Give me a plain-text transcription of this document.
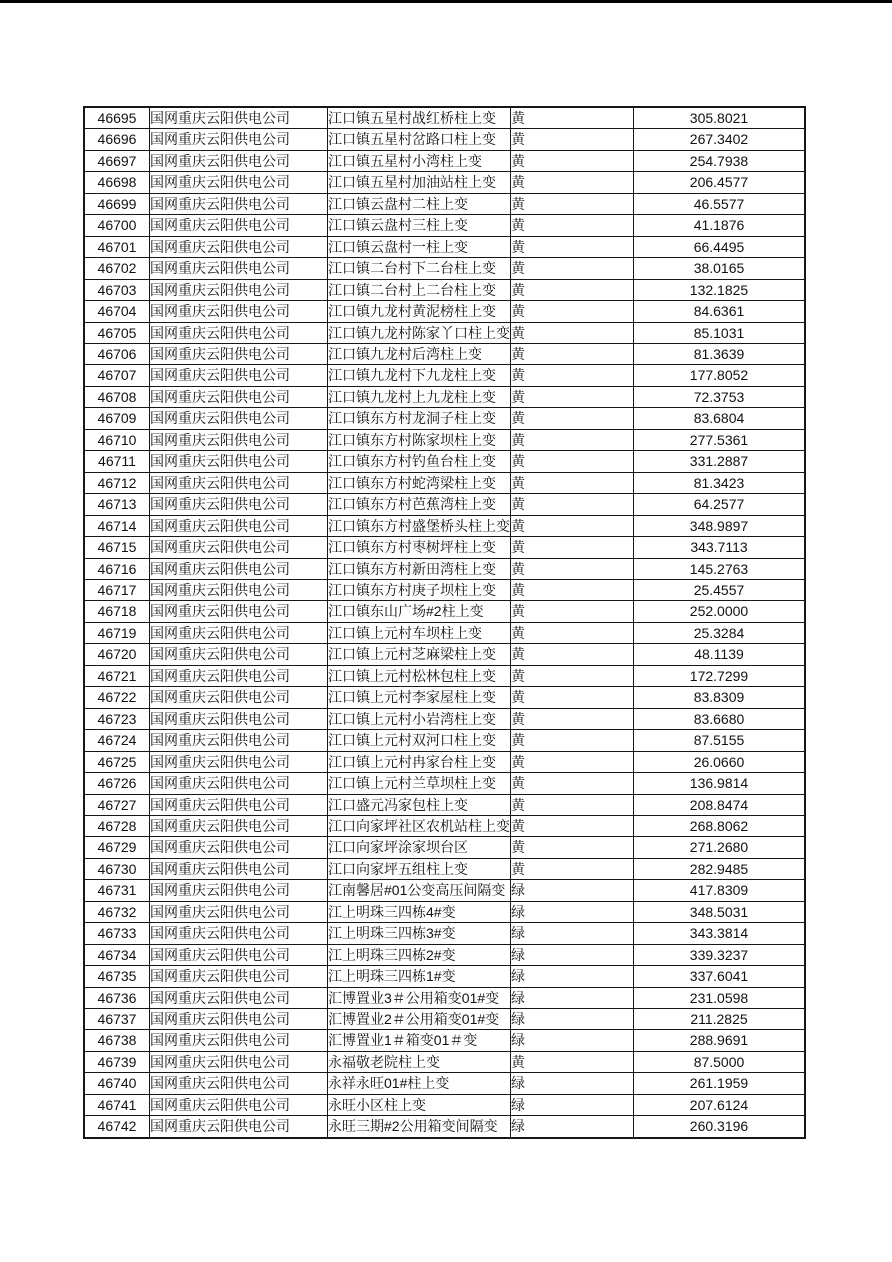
46695	国网重庆云阳供电公司	江口镇五星村战红桥柱上变	黄	305.8021
46696	国网重庆云阳供电公司	江口镇五星村岔路口柱上变	黄	267.3402
46697	国网重庆云阳供电公司	江口镇五星村小湾柱上变	黄	254.7938
46698	国网重庆云阳供电公司	江口镇五星村加油站柱上变	黄	206.4577
46699	国网重庆云阳供电公司	江口镇云盘村二柱上变	黄	46.5577
46700	国网重庆云阳供电公司	江口镇云盘村三柱上变	黄	41.1876
46701	国网重庆云阳供电公司	江口镇云盘村一柱上变	黄	66.4495
46702	国网重庆云阳供电公司	江口镇二台村下二台柱上变	黄	38.0165
46703	国网重庆云阳供电公司	江口镇二台村上二台柱上变	黄	132.1825
46704	国网重庆云阳供电公司	江口镇九龙村黄泥榜柱上变	黄	84.6361
46705	国网重庆云阳供电公司	江口镇九龙村陈家丫口柱上变	黄	85.1031
46706	国网重庆云阳供电公司	江口镇九龙村后湾柱上变	黄	81.3639
46707	国网重庆云阳供电公司	江口镇九龙村下九龙柱上变	黄	177.8052
46708	国网重庆云阳供电公司	江口镇九龙村上九龙柱上变	黄	72.3753
46709	国网重庆云阳供电公司	江口镇东方村龙洞子柱上变	黄	83.6804
46710	国网重庆云阳供电公司	江口镇东方村陈家坝柱上变	黄	277.5361
46711	国网重庆云阳供电公司	江口镇东方村钓鱼台柱上变	黄	331.2887
46712	国网重庆云阳供电公司	江口镇东方村蛇湾梁柱上变	黄	81.3423
46713	国网重庆云阳供电公司	江口镇东方村芭蕉湾柱上变	黄	64.2577
46714	国网重庆云阳供电公司	江口镇东方村盛堡桥头柱上变	黄	348.9897
46715	国网重庆云阳供电公司	江口镇东方村枣树坪柱上变	黄	343.7113
46716	国网重庆云阳供电公司	江口镇东方村新田湾柱上变	黄	145.2763
46717	国网重庆云阳供电公司	江口镇东方村庚子坝柱上变	黄	25.4557
46718	国网重庆云阳供电公司	江口镇东山广场#2柱上变	黄	252.0000
46719	国网重庆云阳供电公司	江口镇上元村车坝柱上变	黄	25.3284
46720	国网重庆云阳供电公司	江口镇上元村芝麻梁柱上变	黄	48.1139
46721	国网重庆云阳供电公司	江口镇上元村松林包柱上变	黄	172.7299
46722	国网重庆云阳供电公司	江口镇上元村李家屋柱上变	黄	83.8309
46723	国网重庆云阳供电公司	江口镇上元村小岩湾柱上变	黄	83.6680
46724	国网重庆云阳供电公司	江口镇上元村双河口柱上变	黄	87.5155
46725	国网重庆云阳供电公司	江口镇上元村冉家台柱上变	黄	26.0660
46726	国网重庆云阳供电公司	江口镇上元村兰草坝柱上变	黄	136.9814
46727	国网重庆云阳供电公司	江口盛元冯家包柱上变	黄	208.8474
46728	国网重庆云阳供电公司	江口向家坪社区农机站柱上变	黄	268.8062
46729	国网重庆云阳供电公司	江口向家坪涂家坝台区	黄	271.2680
46730	国网重庆云阳供电公司	江口向家坪五组柱上变	黄	282.9485
46731	国网重庆云阳供电公司	江南馨居#01公变高压间隔变	绿	417.8309
46732	国网重庆云阳供电公司	江上明珠三四栋4#变	绿	348.5031
46733	国网重庆云阳供电公司	江上明珠三四栋3#变	绿	343.3814
46734	国网重庆云阳供电公司	江上明珠三四栋2#变	绿	339.3237
46735	国网重庆云阳供电公司	江上明珠三四栋1#变	绿	337.6041
46736	国网重庆云阳供电公司	汇博置业3＃公用箱变01#变	绿	231.0598
46737	国网重庆云阳供电公司	汇博置业2＃公用箱变01#变	绿	211.2825
46738	国网重庆云阳供电公司	汇博置业1＃箱变01＃变	绿	288.9691
46739	国网重庆云阳供电公司	永福敬老院柱上变	黄	87.5000
46740	国网重庆云阳供电公司	永祥永旺01#柱上变	绿	261.1959
46741	国网重庆云阳供电公司	永旺小区柱上变	绿	207.6124
46742	国网重庆云阳供电公司	永旺三期#2公用箱变间隔变	绿	260.3196
